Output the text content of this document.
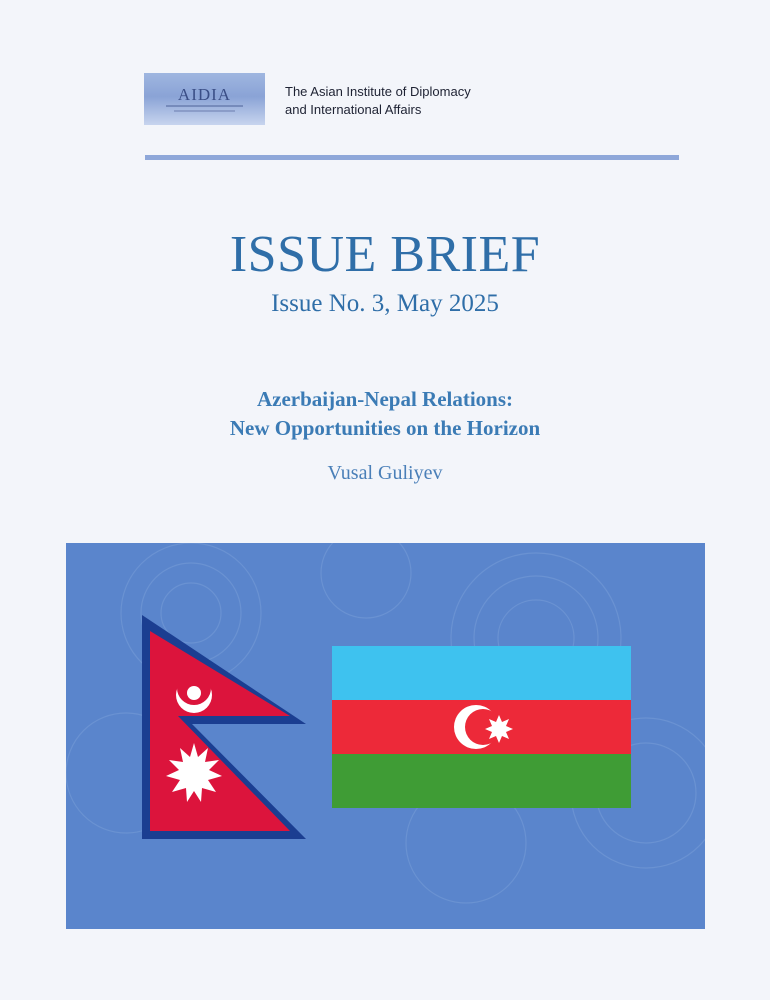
AIDIA	The Asian Institute of Diplomacy
and International Affairs
ISSUE BRIEF
Issue No. 3, May 2025
Azerbaijan-Nepal Relations:
New Opportunities on the Horizon
Vusal Guliyev
